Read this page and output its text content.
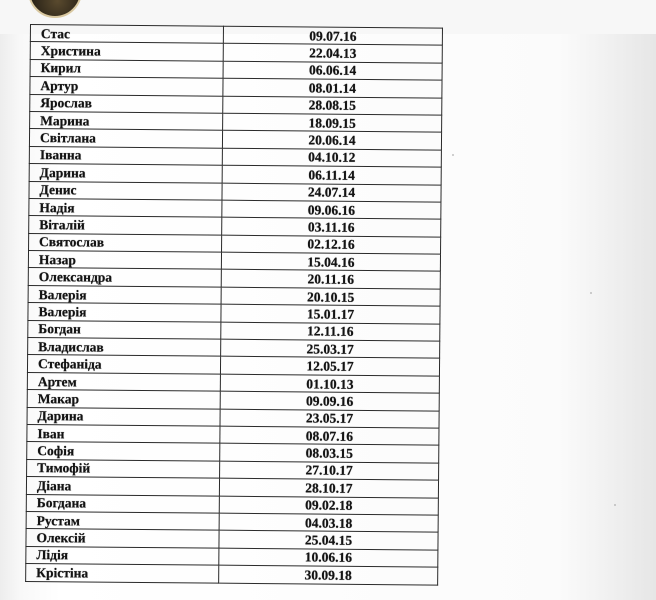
Стас	09.07.16
Христина	22.04.13
Кирил	06.06.14
Артур	08.01.14
Ярослав	28.08.15
Марина	18.09.15
Світлана	20.06.14
Іванна	04.10.12
Дарина	06.11.14
Денис	24.07.14
Надія	09.06.16
Віталій	03.11.16
Святослав	02.12.16
Назар	15.04.16
Олександра	20.11.16
Валерія	20.10.15
Валерія	15.01.17
Богдан	12.11.16
Владислав	25.03.17
Стефаніда	12.05.17
Артем	01.10.13
Макар	09.09.16
Дарина	23.05.17
Іван	08.07.16
Софія	08.03.15
Тимофій	27.10.17
Діана	28.10.17
Богдана	09.02.18
Рустам	04.03.18
Олексій	25.04.15
Лідія	10.06.16
Крістіна	30.09.18
